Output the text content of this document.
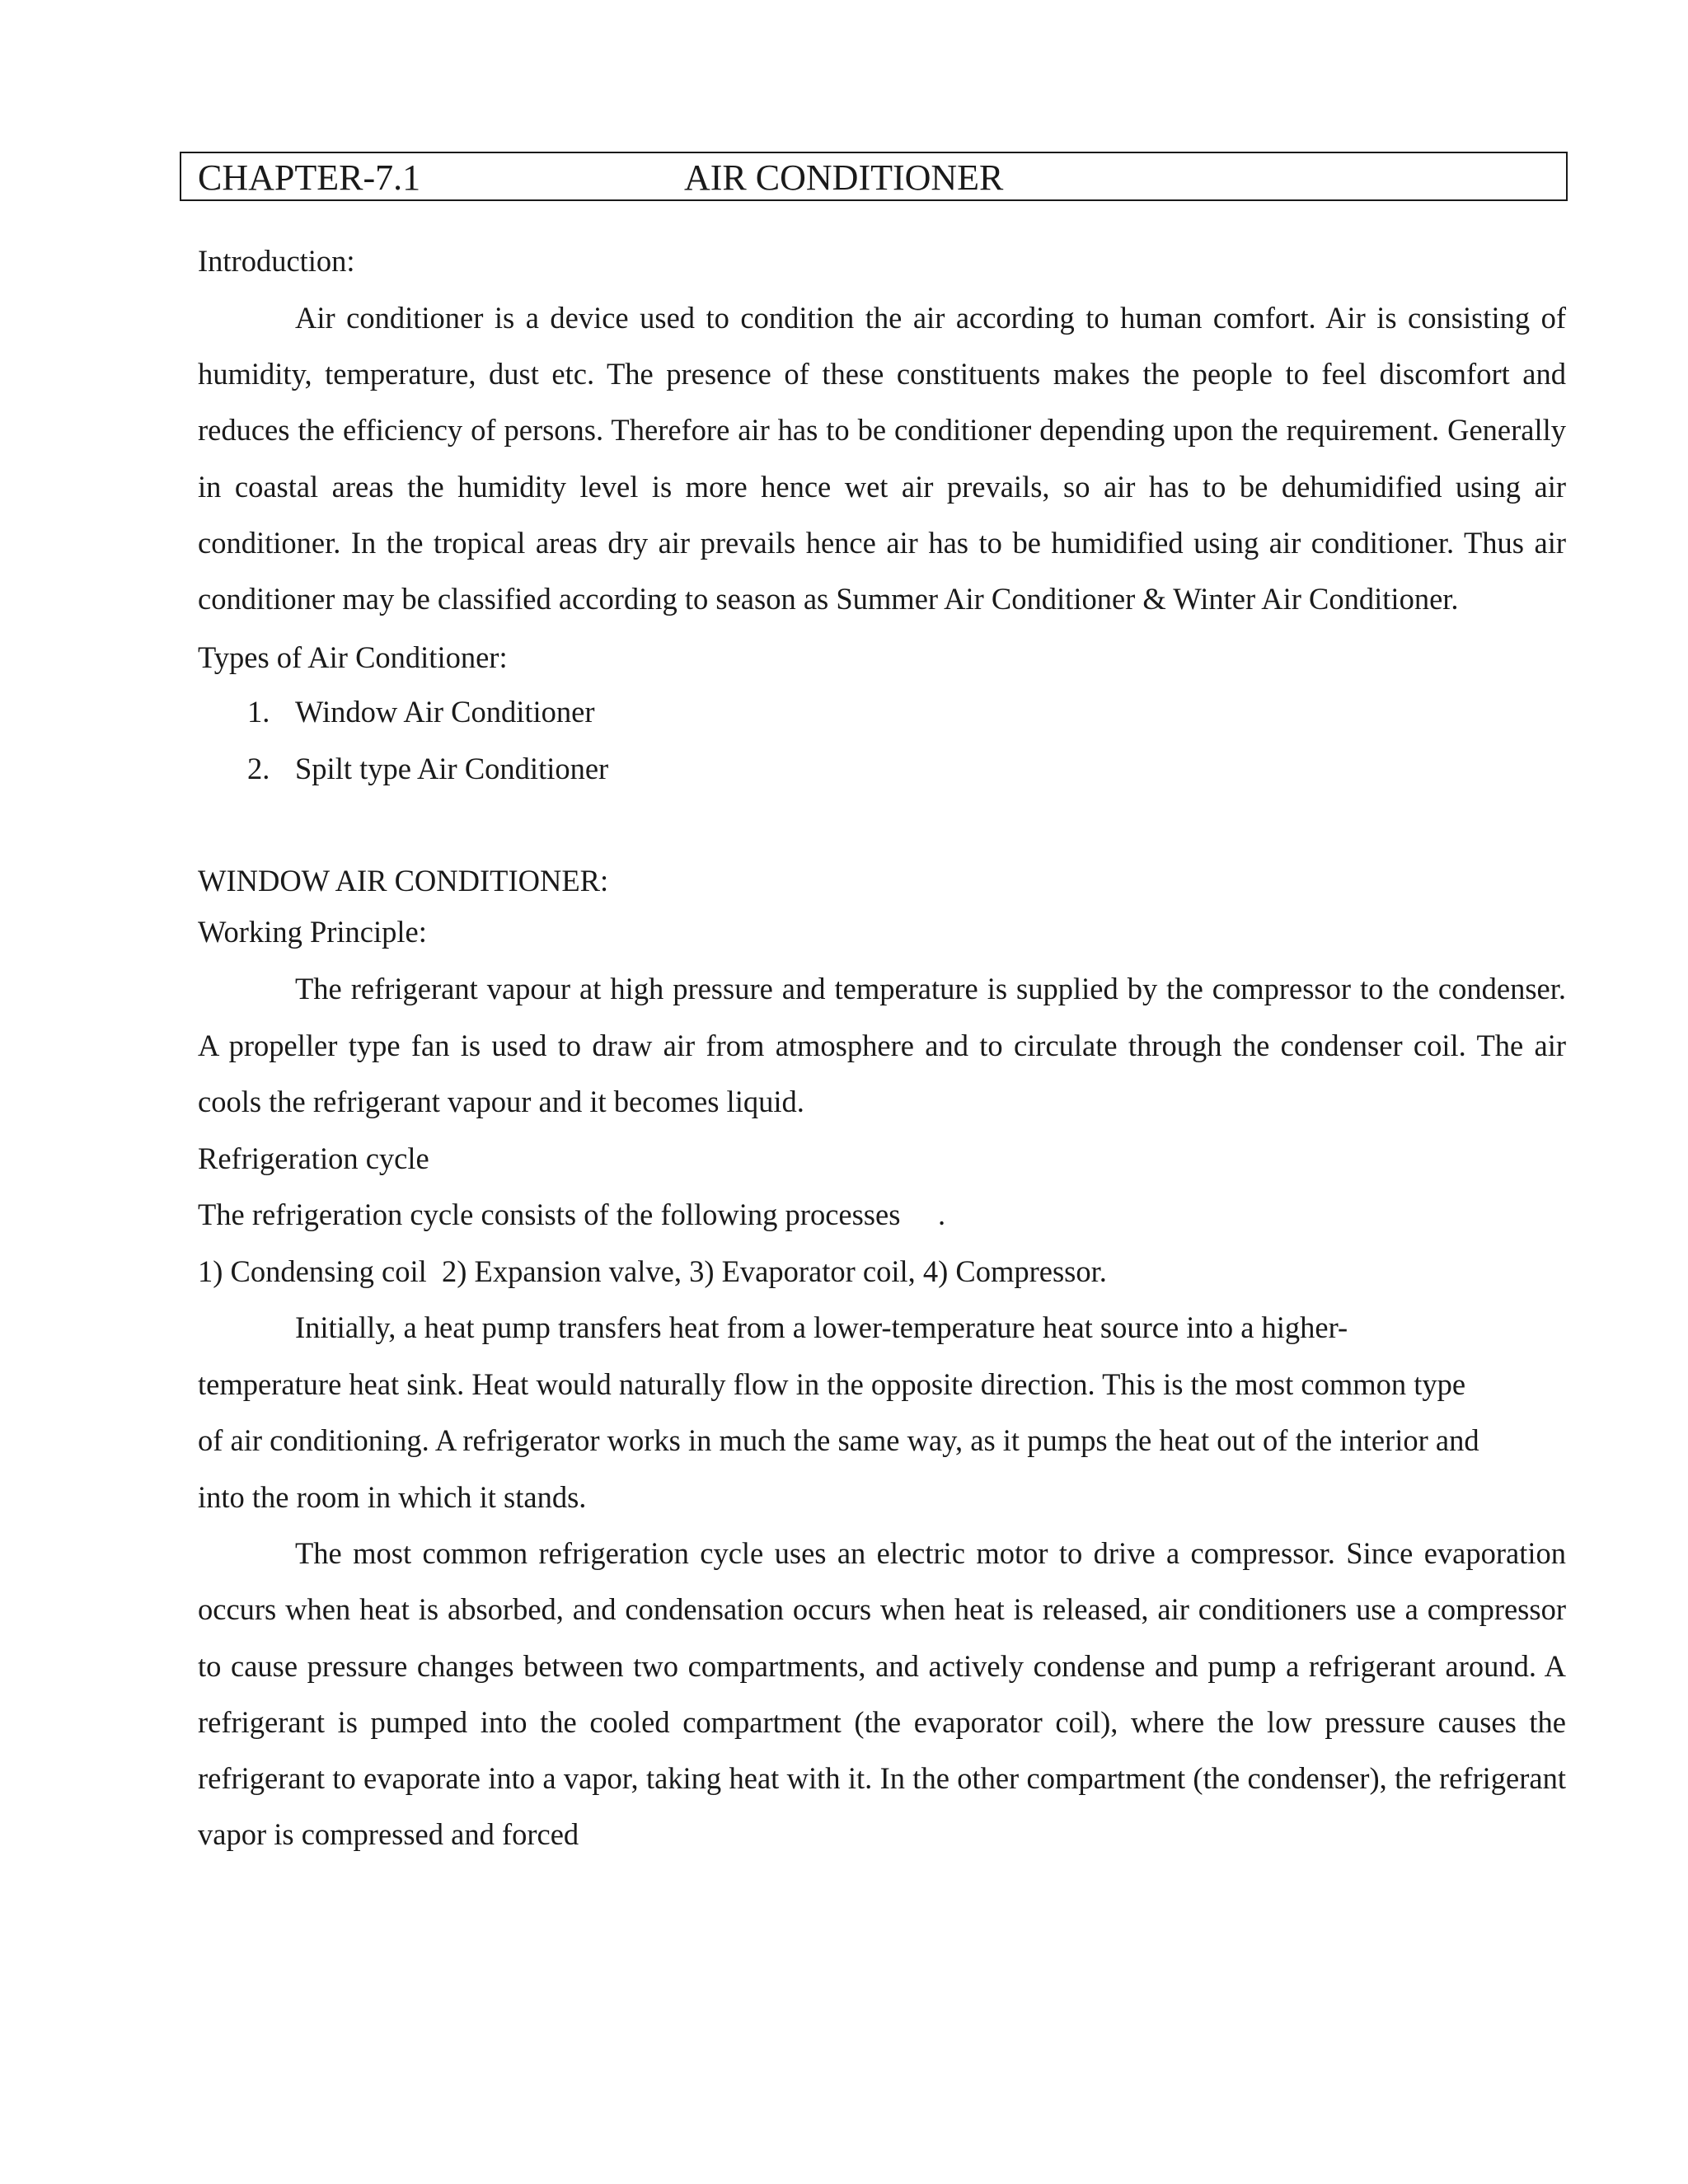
CHAPTER-7.1	AIR CONDITIONER
Introduction:

Air conditioner is a device used to condition the air according to human comfort. Air is consisting of humidity, temperature, dust etc. The presence of these constituents makes the people to feel discomfort and reduces the efficiency of persons. Therefore air has to be conditioner depending upon the requirement. Generally in coastal areas the humidity level is more hence wet air prevails, so air has to be dehumidified using air conditioner. In the tropical areas dry air prevails hence air has to be humidified using air conditioner. Thus air conditioner may be classified according to season as Summer Air Conditioner & Winter Air Conditioner.

Types of Air Conditioner:
1. Window Air Conditioner
2. Spilt type Air Conditioner
WINDOW AIR CONDITIONER:
Working Principle:

The refrigerant vapour at high pressure and temperature is supplied by the compressor to the condenser. A propeller type fan is used to draw air from atmosphere and to circulate through the condenser coil. The air cools the refrigerant vapour and it becomes liquid.

Refrigeration cycle

The refrigeration cycle consists of the following processes     .

1) Condensing coil  2) Expansion valve, 3) Evaporator coil, 4) Compressor.

Initially, a heat pump transfers heat from a lower-temperature heat source into a higher-temperature heat sink. Heat would naturally flow in the opposite direction. This is the most common type of air conditioning. A refrigerator works in much the same way, as it pumps the heat out of the interior and into the room in which it stands.

The most common refrigeration cycle uses an electric motor to drive a compressor. Since evaporation occurs when heat is absorbed, and condensation occurs when heat is released, air conditioners use a compressor to cause pressure changes between two compartments, and actively condense and pump a refrigerant around. A refrigerant is pumped into the cooled compartment (the evaporator coil), where the low pressure causes the refrigerant to evaporate into a vapor, taking heat with it. In the other compartment (the condenser), the refrigerant vapor is compressed and forced
